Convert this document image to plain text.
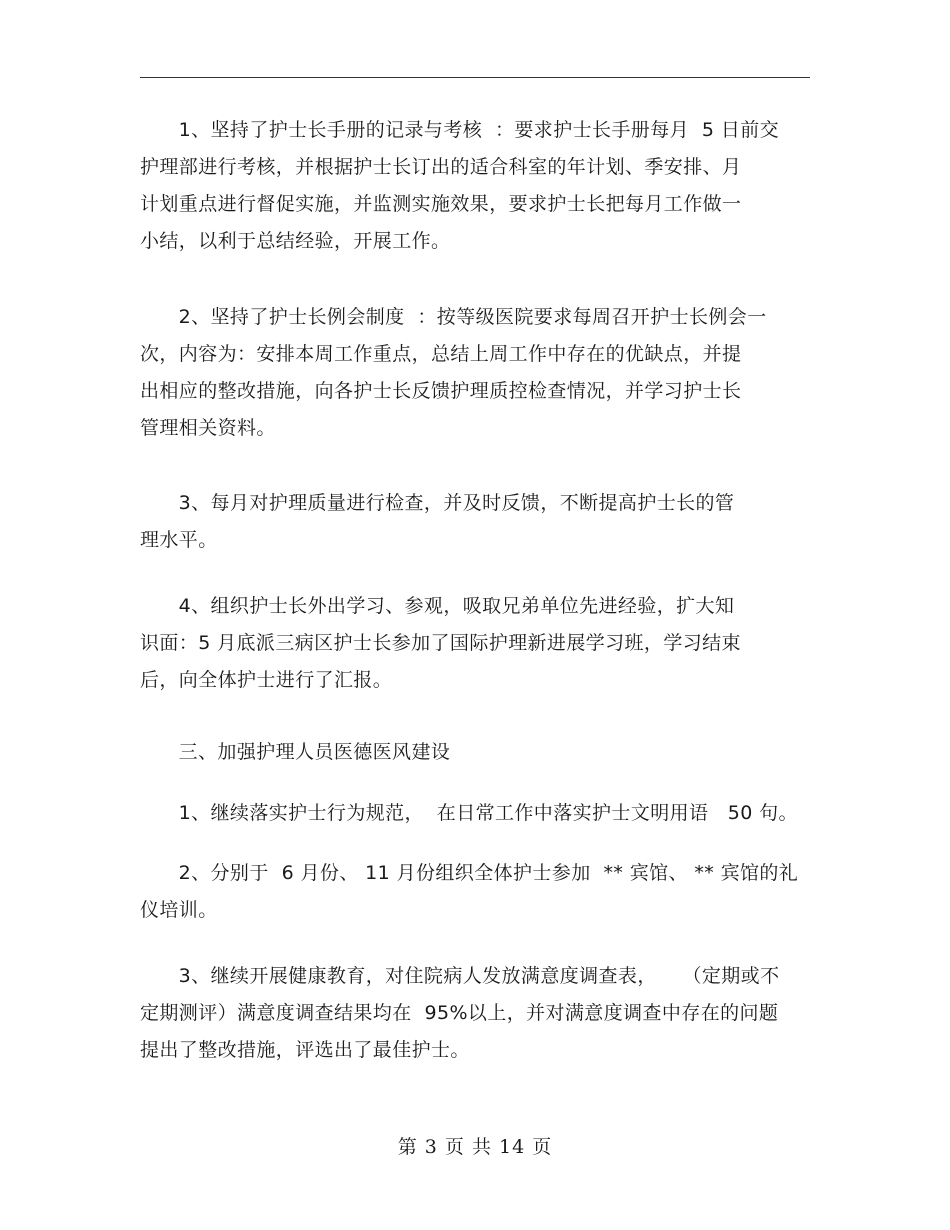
1、坚持了护士长手册的记录与考核  ：要求护士长手册每月  5 日前交
护理部进行考核，并根据护士长订出的适合科室的年计划、季安排、月
计划重点进行督促实施，并监测实施效果，要求护士长把每月工作做一
小结，以利于总结经验，开展工作。
2、坚持了护士长例会制度  ：按等级医院要求每周召开护士长例会一
次，内容为：安排本周工作重点，总结上周工作中存在的优缺点，并提
出相应的整改措施，向各护士长反馈护理质控检查情况，并学习护士长
管理相关资料。
3、每月对护理质量进行检查，并及时反馈，不断提高护士长的管
理水平。
4、组织护士长外出学习、参观，吸取兄弟单位先进经验，扩大知
识面：5 月底派三病区护士长参加了国际护理新进展学习班，学习结束
后，向全体护士进行了汇报。
三、加强护理人员医德医风建设
1、继续落实护士行为规范，  在日常工作中落实护士文明用语   50 句。
2、分别于  6 月份、 11 月份组织全体护士参加  ** 宾馆、 ** 宾馆的礼
仪培训。
3、继续开展健康教育，对住院病人发放满意度调查表，    （定期或不
定期测评）满意度调查结果均在  95%以上，并对满意度调查中存在的问题
提出了整改措施，评选出了最佳护士。
第 3 页 共 14 页
